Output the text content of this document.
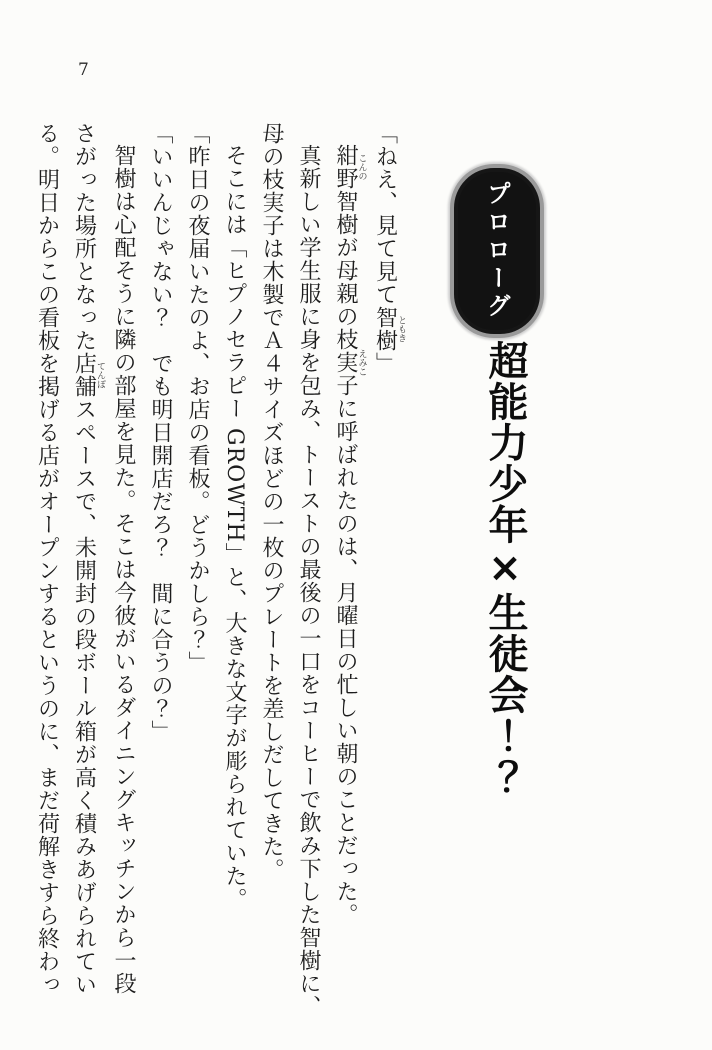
7
プロローグ
超能力少年×生徒会！？

「ねえ、見て見て智樹ともき」

紺野こんの智樹が母親の枝実子えみこに呼ばれたのは、月曜日の忙しい朝のことだった。

真新しい学生服に身を包み、トーストの最後の一口をコーヒーで飲み下した智樹に、

母の枝実子は木製でＡ４サイズほどの一枚のプレートを差しだしてきた。

そこには「ヒプノセラピー GROWTH」と、大きな文字が彫られていた。

「昨日の夜届いたのよ、お店の看板。どうかしら？」

「いいんじゃない？　でも明日開店だろ？　間に合うの？」

智樹は心配そうに隣の部屋を見た。そこは今彼がいるダイニングキッチンから一段

さがった場所となった店舗てんぽスペースで、未開封の段ボール箱が高く積みあげられてい

る。明日からこの看板を掲げる店がオープンするというのに、まだ荷解きすら終わっ
